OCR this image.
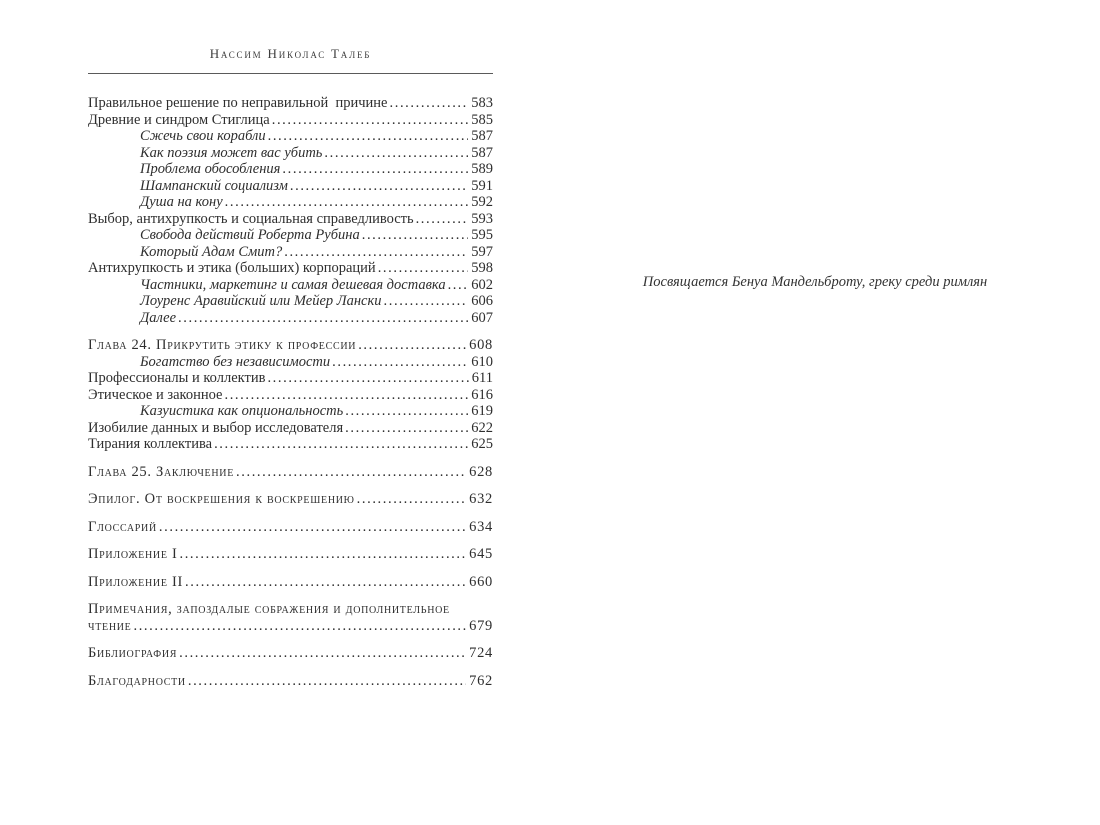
Нассим Николас Талеб
Правильное решение по неправильной  причине .....	583
Древние и синдром Стиглица .....	585
Сжечь свои корабли .....	587
Как поэзия может вас убить .....	587
Проблема обособления .....	589
Шампанский социализм .....	591
Душа на кону .....	592
Выбор, антихрупкость и социальная справедливость .....	593
Свобода действий Роберта Рубина .....	595
Который Адам Смит? .....	597
Антихрупкость и этика (больших) корпораций .....	598
Частники, маркетинг и самая дешевая доставка ..... 602
Лоуренс Аравийский или Мейер Лански .....	606
Далее .....	607
Глава 24. Прикрутить этику к профессии .....	608
Богатство без независимости .....	610
Профессионалы и коллектив .....	611
Этическое и законное .....	616
Казуистика как опциональность .....	619
Изобилие данных и выбор исследователя .....	622
Тирания коллектива .....	625
Глава 25. Заключение .....	628
Эпилог. От воскрешения к воскрешению .....	632
Глоссарий .....	634
Приложение I .....	645
Приложение II .....	660
Примечания, запоздалые сображения и дополнительное
чтение .....	679
Библиография .....	724
Благодарности .....	762
Посвящается Бенуа Мандельброту, греку среди римлян
